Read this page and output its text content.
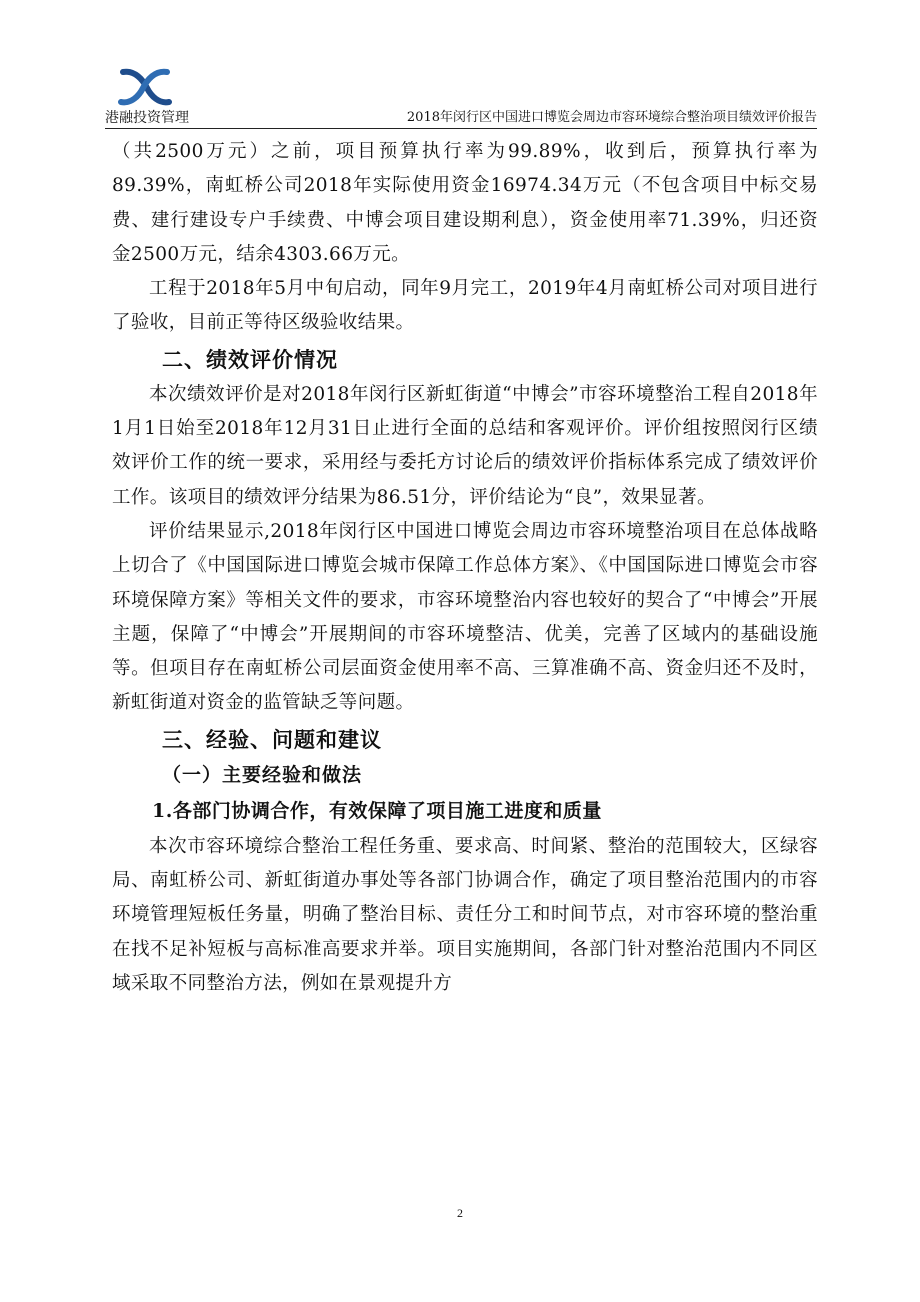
港融投资管理	2018年闵行区中国进口博览会周边市容环境综合整治项目绩效评价报告

（共2500万元）之前，项目预算执行率为99.89%，收到后，预算执行率为89.39%，南虹桥公司2018年实际使用资金16974.34万元（不包含项目中标交易费、建行建设专户手续费、中博会项目建设期利息），资金使用率71.39%，归还资金2500万元，结余4303.66万元。

工程于2018年5月中旬启动，同年9月完工，2019年4月南虹桥公司对项目进行了验收，目前正等待区级验收结果。

二、绩效评价情况

本次绩效评价是对2018年闵行区新虹街道“中博会”市容环境整治工程自2018年1月1日始至2018年12月31日止进行全面的总结和客观评价。评价组按照闵行区绩效评价工作的统一要求，采用经与委托方讨论后的绩效评价指标体系完成了绩效评价工作。该项目的绩效评分结果为86.51分，评价结论为“良”，效果显著。

评价结果显示,2018年闵行区中国进口博览会周边市容环境整治项目在总体战略上切合了《中国国际进口博览会城市保障工作总体方案》、《中国国际进口博览会市容环境保障方案》等相关文件的要求，市容环境整治内容也较好的契合了“中博会”开展主题，保障了“中博会”开展期间的市容环境整洁、优美，完善了区域内的基础设施等。但项目存在南虹桥公司层面资金使用率不高、三算准确不高、资金归还不及时，新虹街道对资金的监管缺乏等问题。

三、经验、问题和建议
（一）主要经验和做法
1.各部门协调合作，有效保障了项目施工进度和质量

本次市容环境综合整治工程任务重、要求高、时间紧、整治的范围较大，区绿容局、南虹桥公司、新虹街道办事处等各部门协调合作，确定了项目整治范围内的市容环境管理短板任务量，明确了整治目标、责任分工和时间节点，对市容环境的整治重在找不足补短板与高标准高要求并举。项目实施期间，各部门针对整治范围内不同区域采取不同整治方法，例如在景观提升方

2
